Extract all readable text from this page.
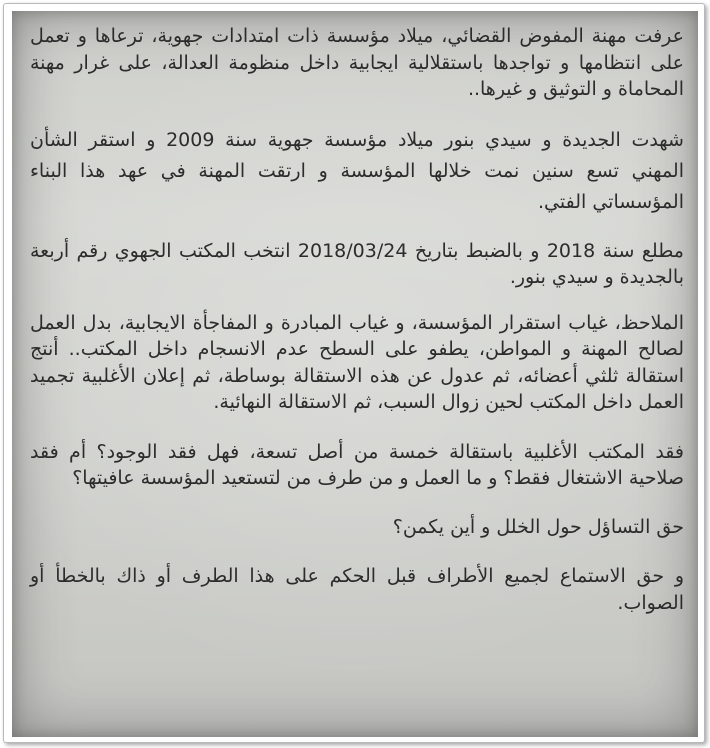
عرفت مهنة المفوض القضائي، ميلاد مؤسسة ذات امتدادات جهوية، ترعاها و تعمل على انتظامها و تواجدها باستقلالية ايجابية داخل منظومة العدالة، على غرار مهنة المحاماة و التوثيق و غيرها..

شهدت الجديدة و سيدي بنور ميلاد مؤسسة جهوية سنة 2009 و استقر الشأن المهني تسع سنين نمت خلالها المؤسسة و ارتقت المهنة في عهد هذا البناء المؤسساتي الفتي.

مطلع سنة 2018 و بالضبط بتاريخ 2018/03/24 انتخب المكتب الجهوي رقم أربعة بالجديدة و سيدي بنور.

الملاحظ، غياب استقرار المؤسسة، و غياب المبادرة و المفاجأة الايجابية، بدل العمل لصالح المهنة و المواطن، يطفو على السطح عدم الانسجام داخل المكتب.. أنتج استقالة ثلثي أعضائه، ثم عدول عن هذه الاستقالة بوساطة، ثم إعلان الأغلبية تجميد العمل داخل المكتب لحين زوال السبب، ثم الاستقالة النهائية.

فقد المكتب الأغلبية باستقالة خمسة من أصل تسعة، فهل فقد الوجود؟ أم فقد صلاحية الاشتغال فقط؟ و ما العمل و من طرف من لتستعيد المؤسسة عافيتها؟

حق التساؤل حول الخلل و أين يكمن؟

و حق الاستماع لجميع الأطراف قبل الحكم على هذا الطرف أو ذاك بالخطأ أو الصواب.
